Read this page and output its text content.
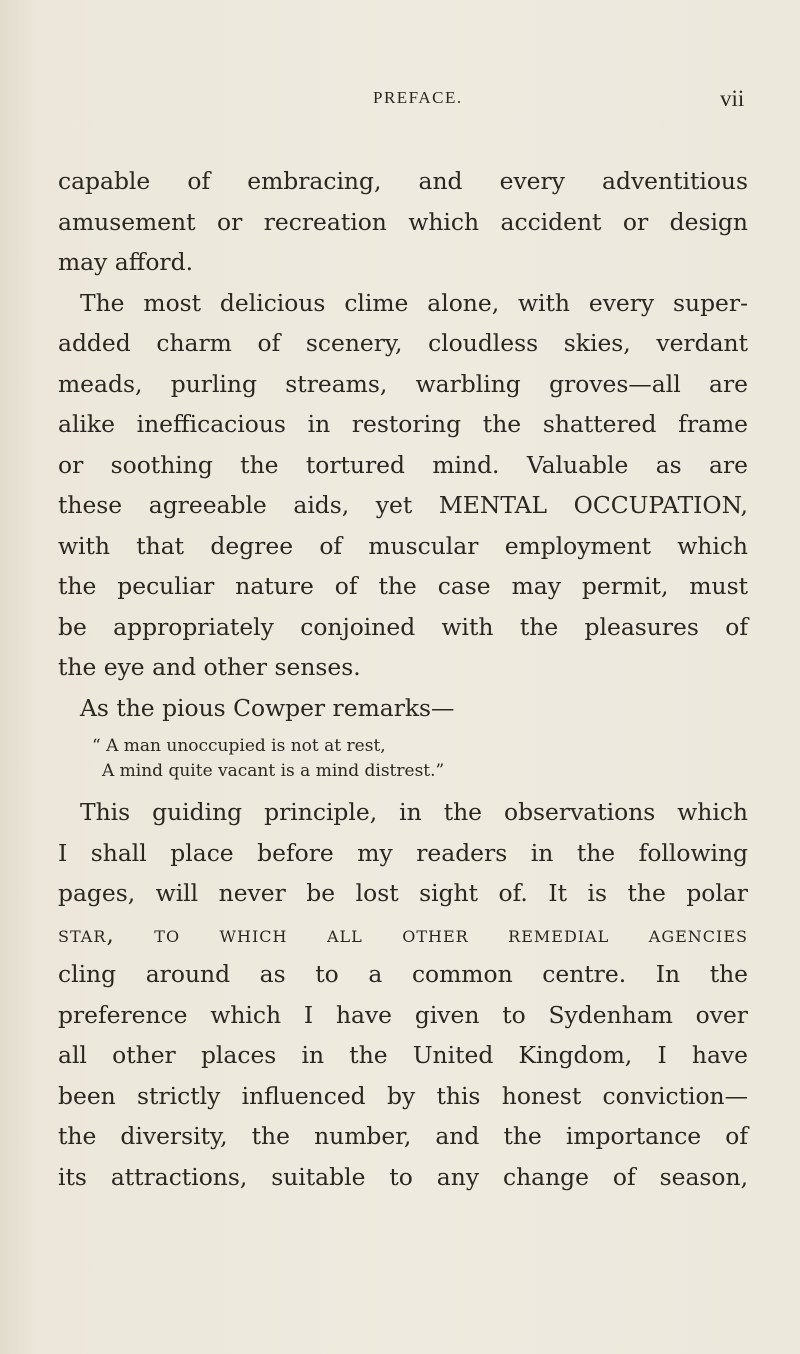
PREFACE.	vii
capable of embracing, and every adventitious
amusement or recreation which accident or design
may afford.
The most delicious clime alone, with every super-
added charm of scenery, cloudless skies, verdant
meads, purling streams, warbling groves—all are
alike inefficacious in restoring the shattered frame
or soothing the tortured mind. Valuable as are
these agreeable aids, yet MENTAL OCCUPATION,
with that degree of muscular employment which
the peculiar nature of the case may permit, must
be appropriately conjoined with the pleasures of
the eye and other senses.
As the pious Cowper remarks—
“ A man unoccupied is not at rest,
A mind quite vacant is a mind distrest.”
This guiding principle, in the observations which
I shall place before my readers in the following
pages, will never be lost sight of. It is the polar
star, to which all other remedial agencies
cling around as to a common centre. In the
preference which I have given to Sydenham over
all other places in the United Kingdom, I have
been strictly influenced by this honest conviction—
the diversity, the number, and the importance of
its attractions, suitable to any change of season,
